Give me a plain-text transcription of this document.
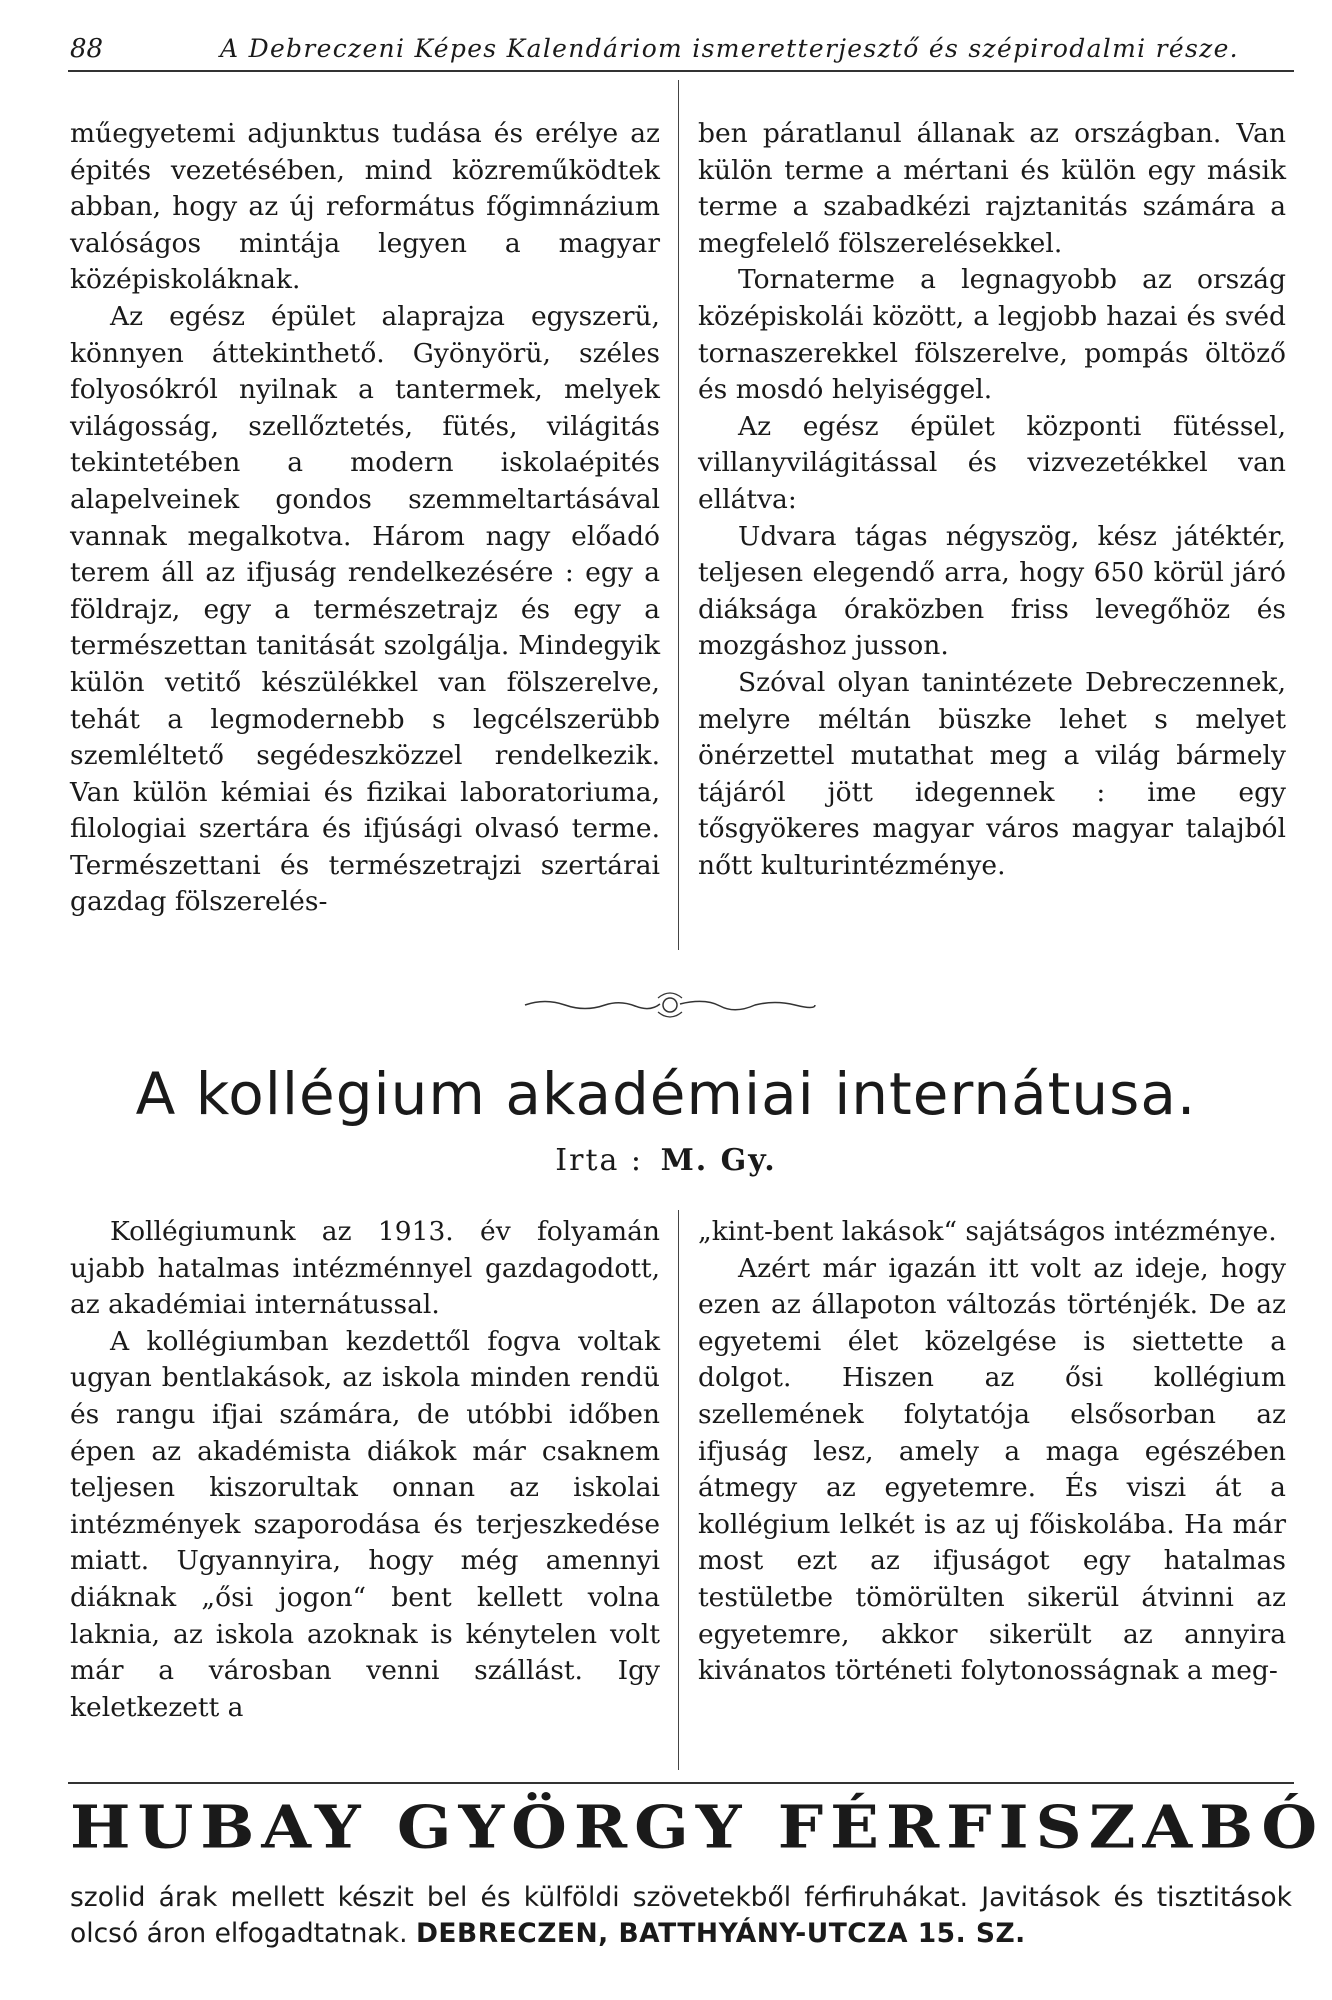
88	A Debreczeni Képes Kalendáriom ismeretterjesztő és szépirodalmi része.

műegyetemi adjunktus tudása és erélye az épités vezetésében, mind közreműködtek abban, hogy az új református főgimnázium valóságos mintája legyen a magyar középiskoláknak.

Az egész épület alaprajza egyszerü, könnyen áttekinthető. Gyönyörü, széles folyosókról nyilnak a tantermek, melyek világosság, szellőztetés, fütés, világitás tekintetében a modern iskolaépités alapelveinek gondos szemmeltartásával vannak megalkotva. Három nagy előadó terem áll az ifjuság rendelkezésére : egy a földrajz, egy a természetrajz és egy a természettan tanitását szolgálja. Mindegyik külön vetitő készülékkel van fölszerelve, tehát a legmodernebb s legcélszerübb szemléltető segédeszközzel rendelkezik. Van külön kémiai és fizikai laboratoriuma, filologiai szertára és ifjúsági olvasó terme. Természettani és természetrajzi szertárai gazdag fölszerelés-

ben páratlanul állanak az országban. Van külön terme a mértani és külön egy másik terme a szabadkézi rajztanitás számára a megfelelő fölszerelésekkel.

Tornaterme a legnagyobb az ország középiskolái között, a legjobb hazai és svéd tornaszerekkel fölszerelve, pompás öltöző és mosdó helyiséggel.

Az egész épület központi fütéssel, villanyvilágitással és vizvezetékkel van ellátva:

Udvara tágas négyszög, kész játéktér, teljesen elegendő arra, hogy 650 körül járó diáksága óraközben friss levegőhöz és mozgáshoz jusson.

Szóval olyan tanintézete Debreczennek, melyre méltán büszke lehet s melyet önérzettel mutathat meg a világ bármely tájáról jött idegennek : ime egy tősgyökeres magyar város magyar talajból nőtt kulturintézménye.

A kollégium akadémiai internátusa.
Irta : M. Gy.

Kollégiumunk az 1913. év folyamán ujabb hatalmas intézménnyel gazdagodott, az akadémiai internátussal.

A kollégiumban kezdettől fogva voltak ugyan bentlakások, az iskola minden rendü és rangu ifjai számára, de utóbbi időben épen az akadémista diákok már csaknem teljesen kiszorultak onnan az iskolai intézmények szaporodása és terjeszkedése miatt. Ugyannyira, hogy még amennyi diáknak „ősi jogon“ bent kellett volna laknia, az iskola azoknak is kénytelen volt már a városban venni szállást. Igy keletkezett a

„kint-bent lakások“ sajátságos intézménye.

Azért már igazán itt volt az ideje, hogy ezen az állapoton változás történjék. De az egyetemi élet közelgése is siettette a dolgot. Hiszen az ősi kollégium szellemének folytatója elsősorban az ifjuság lesz, amely a maga egészében átmegy az egyetemre. És viszi át a kollégium lelkét is az uj főiskolába. Ha már most ezt az ifjuságot egy hatalmas testületbe tömörülten sikerül átvinni az egyetemre, akkor sikerült az annyira kivánatos történeti folytonosságnak a meg-

HUBAY GYÖRGY FÉRFISZABÓ
szolid árak mellett készit bel és külföldi szövetekből férfiruhákat. Javitások és tisztitások olcsó áron elfogadtatnak. DEBRECZEN, BATTHYÁNY-UTCZA 15. SZ.
